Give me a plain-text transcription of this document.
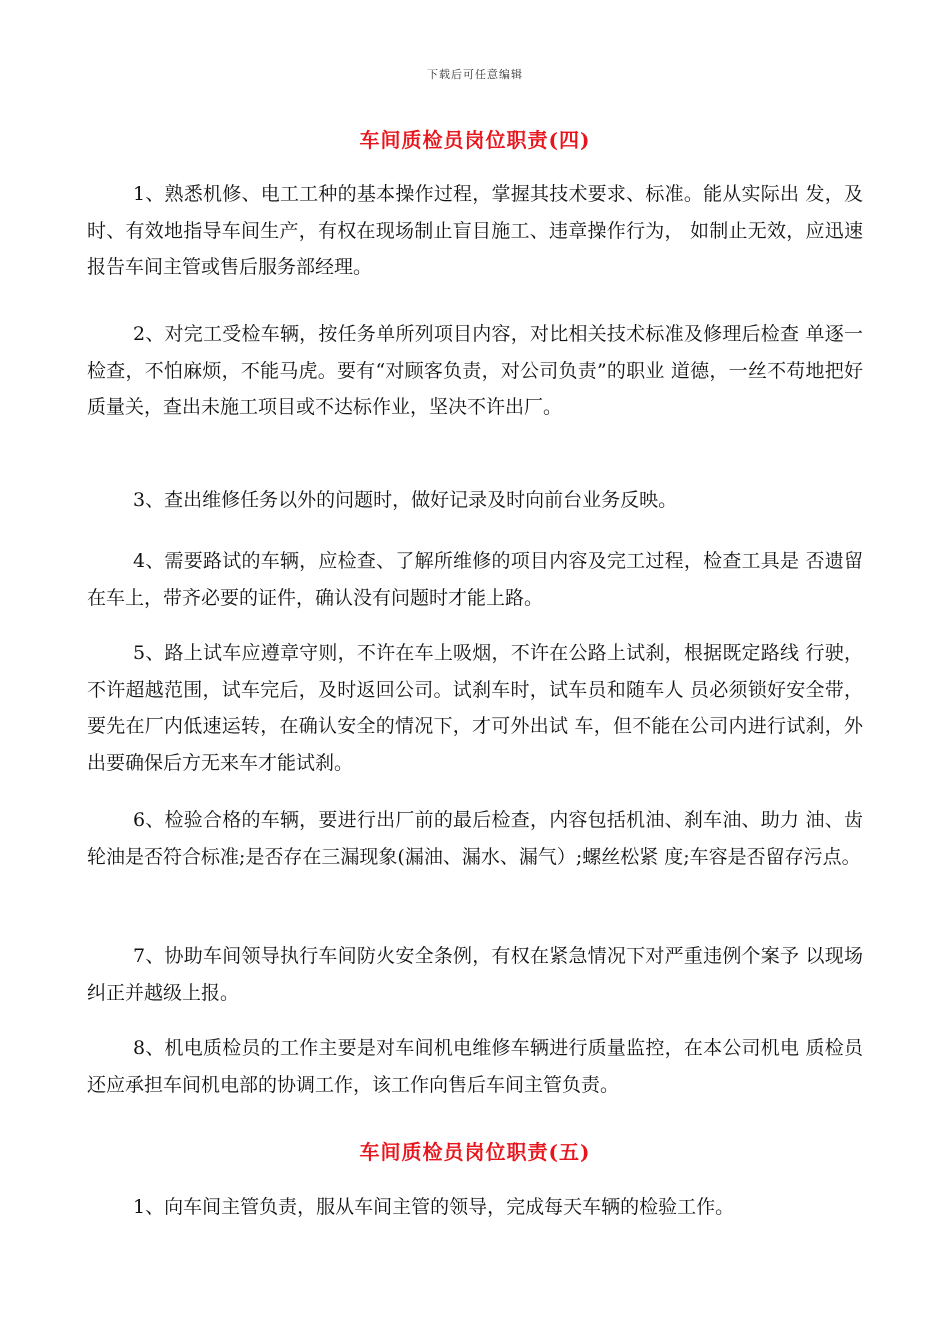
下载后可任意编辑
车间质检员岗位职责(四)
1、熟悉机修、电工工种的基本操作过程，掌握其技术要求、标准。能从实际出 发，及时、有效地指导车间生产，有权在现场制止盲目施工、违章操作行为， 如制止无效，应迅速报告车间主管或售后服务部经理。
2、对完工受检车辆，按任务单所列项目内容，对比相关技术标准及修理后检查 单逐一检查，不怕麻烦，不能马虎。要有“对顾客负责，对公司负责”的职业 道德，一丝不苟地把好质量关，查出未施工项目或不达标作业，坚决不许出厂。
3、查出维修任务以外的问题时，做好记录及时向前台业务反映。
4、需要路试的车辆，应检查、了解所维修的项目内容及完工过程，检查工具是 否遗留在车上，带齐必要的证件，确认没有问题时才能上路。
5、路上试车应遵章守则，不许在车上吸烟，不许在公路上试刹，根据既定路线 行驶，不许超越范围，试车完后，及时返回公司。试刹车时，试车员和随车人 员必须锁好安全带，要先在厂内低速运转，在确认安全的情况下，才可外出试 车，但不能在公司内进行试刹，外出要确保后方无来车才能试刹。
6、检验合格的车辆，要进行出厂前的最后检查，内容包括机油、刹车油、助力 油、齿轮油是否符合标准;是否存在三漏现象(漏油、漏水、漏气）;螺丝松紧 度;车容是否留存污点。
7、协助车间领导执行车间防火安全条例，有权在紧急情况下对严重违例个案予 以现场纠正并越级上报。
8、机电质检员的工作主要是对车间机电维修车辆进行质量监控，在本公司机电 质检员还应承担车间机电部的协调工作，该工作向售后车间主管负责。
车间质检员岗位职责(五)
1、向车间主管负责，服从车间主管的领导，完成每天车辆的检验工作。
